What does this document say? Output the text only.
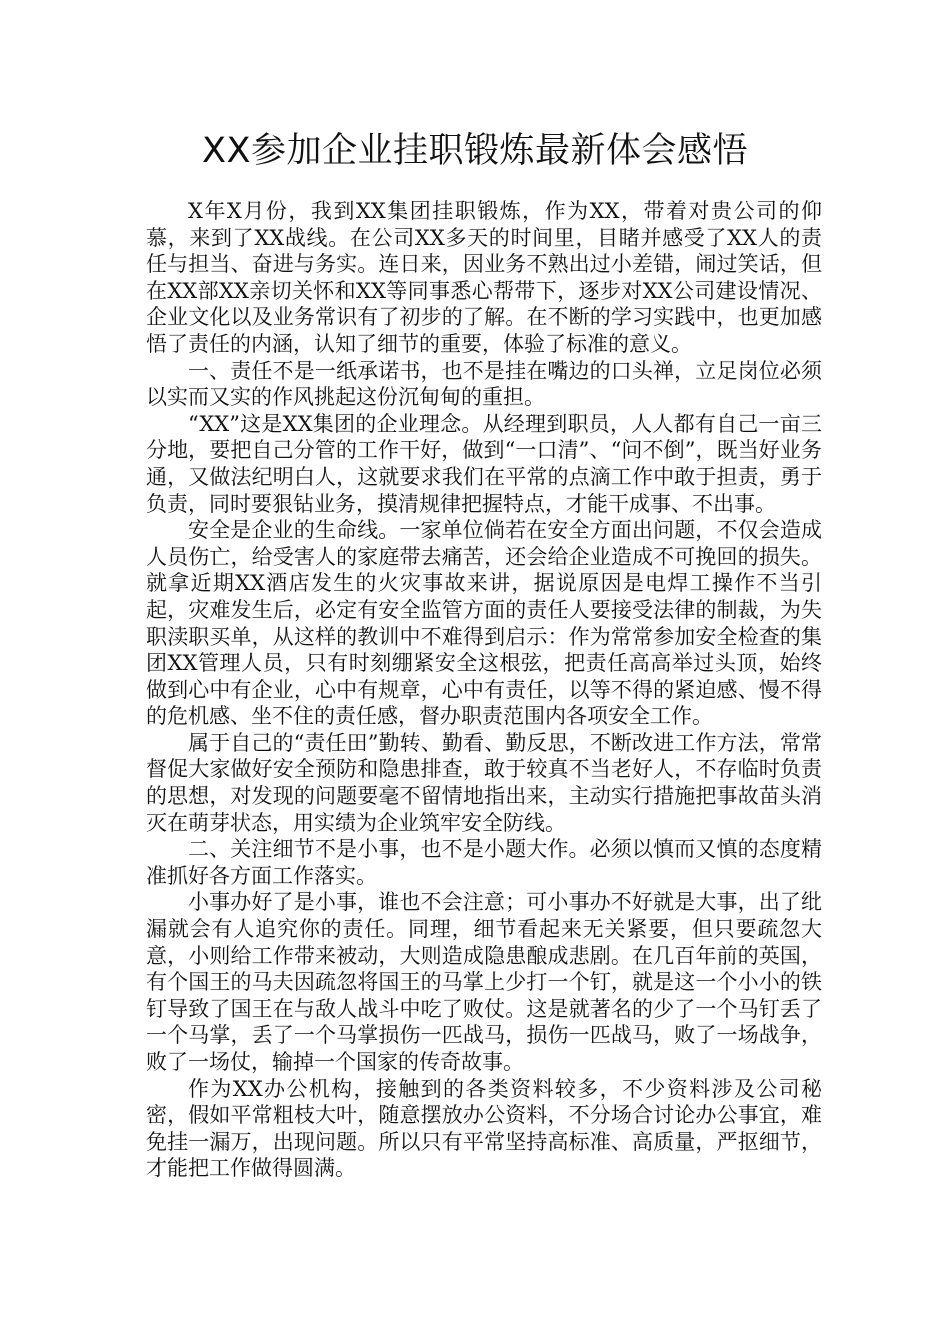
XX参加企业挂职锻炼最新体会感悟

X年X月份，我到XX集团挂职锻炼，作为XX，带着对贵公司的仰慕，来到了XX战线。在公司XX多天的时间里，目睹并感受了XX人的责任与担当、奋进与务实。连日来，因业务不熟出过小差错，闹过笑话，但在XX部XX亲切关怀和XX等同事悉心帮带下，逐步对XX公司建设情况、企业文化以及业务常识有了初步的了解。在不断的学习实践中，也更加感悟了责任的内涵，认知了细节的重要，体验了标准的意义。

一、责任不是一纸承诺书，也不是挂在嘴边的口头禅，立足岗位必须以实而又实的作风挑起这份沉甸甸的重担。

“XX”这是XX集团的企业理念。从经理到职员，人人都有自己一亩三分地，要把自己分管的工作干好，做到“一口清”、“问不倒”，既当好业务通，又做法纪明白人，这就要求我们在平常的点滴工作中敢于担责，勇于负责，同时要狠钻业务，摸清规律把握特点，才能干成事、不出事。

安全是企业的生命线。一家单位倘若在安全方面出问题，不仅会造成人员伤亡，给受害人的家庭带去痛苦，还会给企业造成不可挽回的损失。就拿近期XX酒店发生的火灾事故来讲，据说原因是电焊工操作不当引起，灾难发生后，必定有安全监管方面的责任人要接受法律的制裁，为失职渎职买单，从这样的教训中不难得到启示：作为常常参加安全检查的集团XX管理人员，只有时刻绷紧安全这根弦，把责任高高举过头顶，始终做到心中有企业，心中有规章，心中有责任，以等不得的紧迫感、慢不得的危机感、坐不住的责任感，督办职责范围内各项安全工作。

属于自己的“责任田”勤转、勤看、勤反思，不断改进工作方法，常常督促大家做好安全预防和隐患排查，敢于较真不当老好人，不存临时负责的思想，对发现的问题要毫不留情地指出来，主动实行措施把事故苗头消灭在萌芽状态，用实绩为企业筑牢安全防线。

二、关注细节不是小事，也不是小题大作。必须以慎而又慎的态度精准抓好各方面工作落实。

小事办好了是小事，谁也不会注意；可小事办不好就是大事，出了纰漏就会有人追究你的责任。同理，细节看起来无关紧要，但只要疏忽大意，小则给工作带来被动，大则造成隐患酿成悲剧。在几百年前的英国，有个国王的马夫因疏忽将国王的马掌上少打一个钉，就是这一个小小的铁钉导致了国王在与敌人战斗中吃了败仗。这是就著名的少了一个马钉丢了一个马掌，丢了一个马掌损伤一匹战马，损伤一匹战马，败了一场战争，败了一场仗，输掉一个国家的传奇故事。

作为XX办公机构，接触到的各类资料较多，不少资料涉及公司秘密，假如平常粗枝大叶，随意摆放办公资料，不分场合讨论办公事宜，难免挂一漏万，出现问题。所以只有平常坚持高标准、高质量，严抠细节，才能把工作做得圆满。
